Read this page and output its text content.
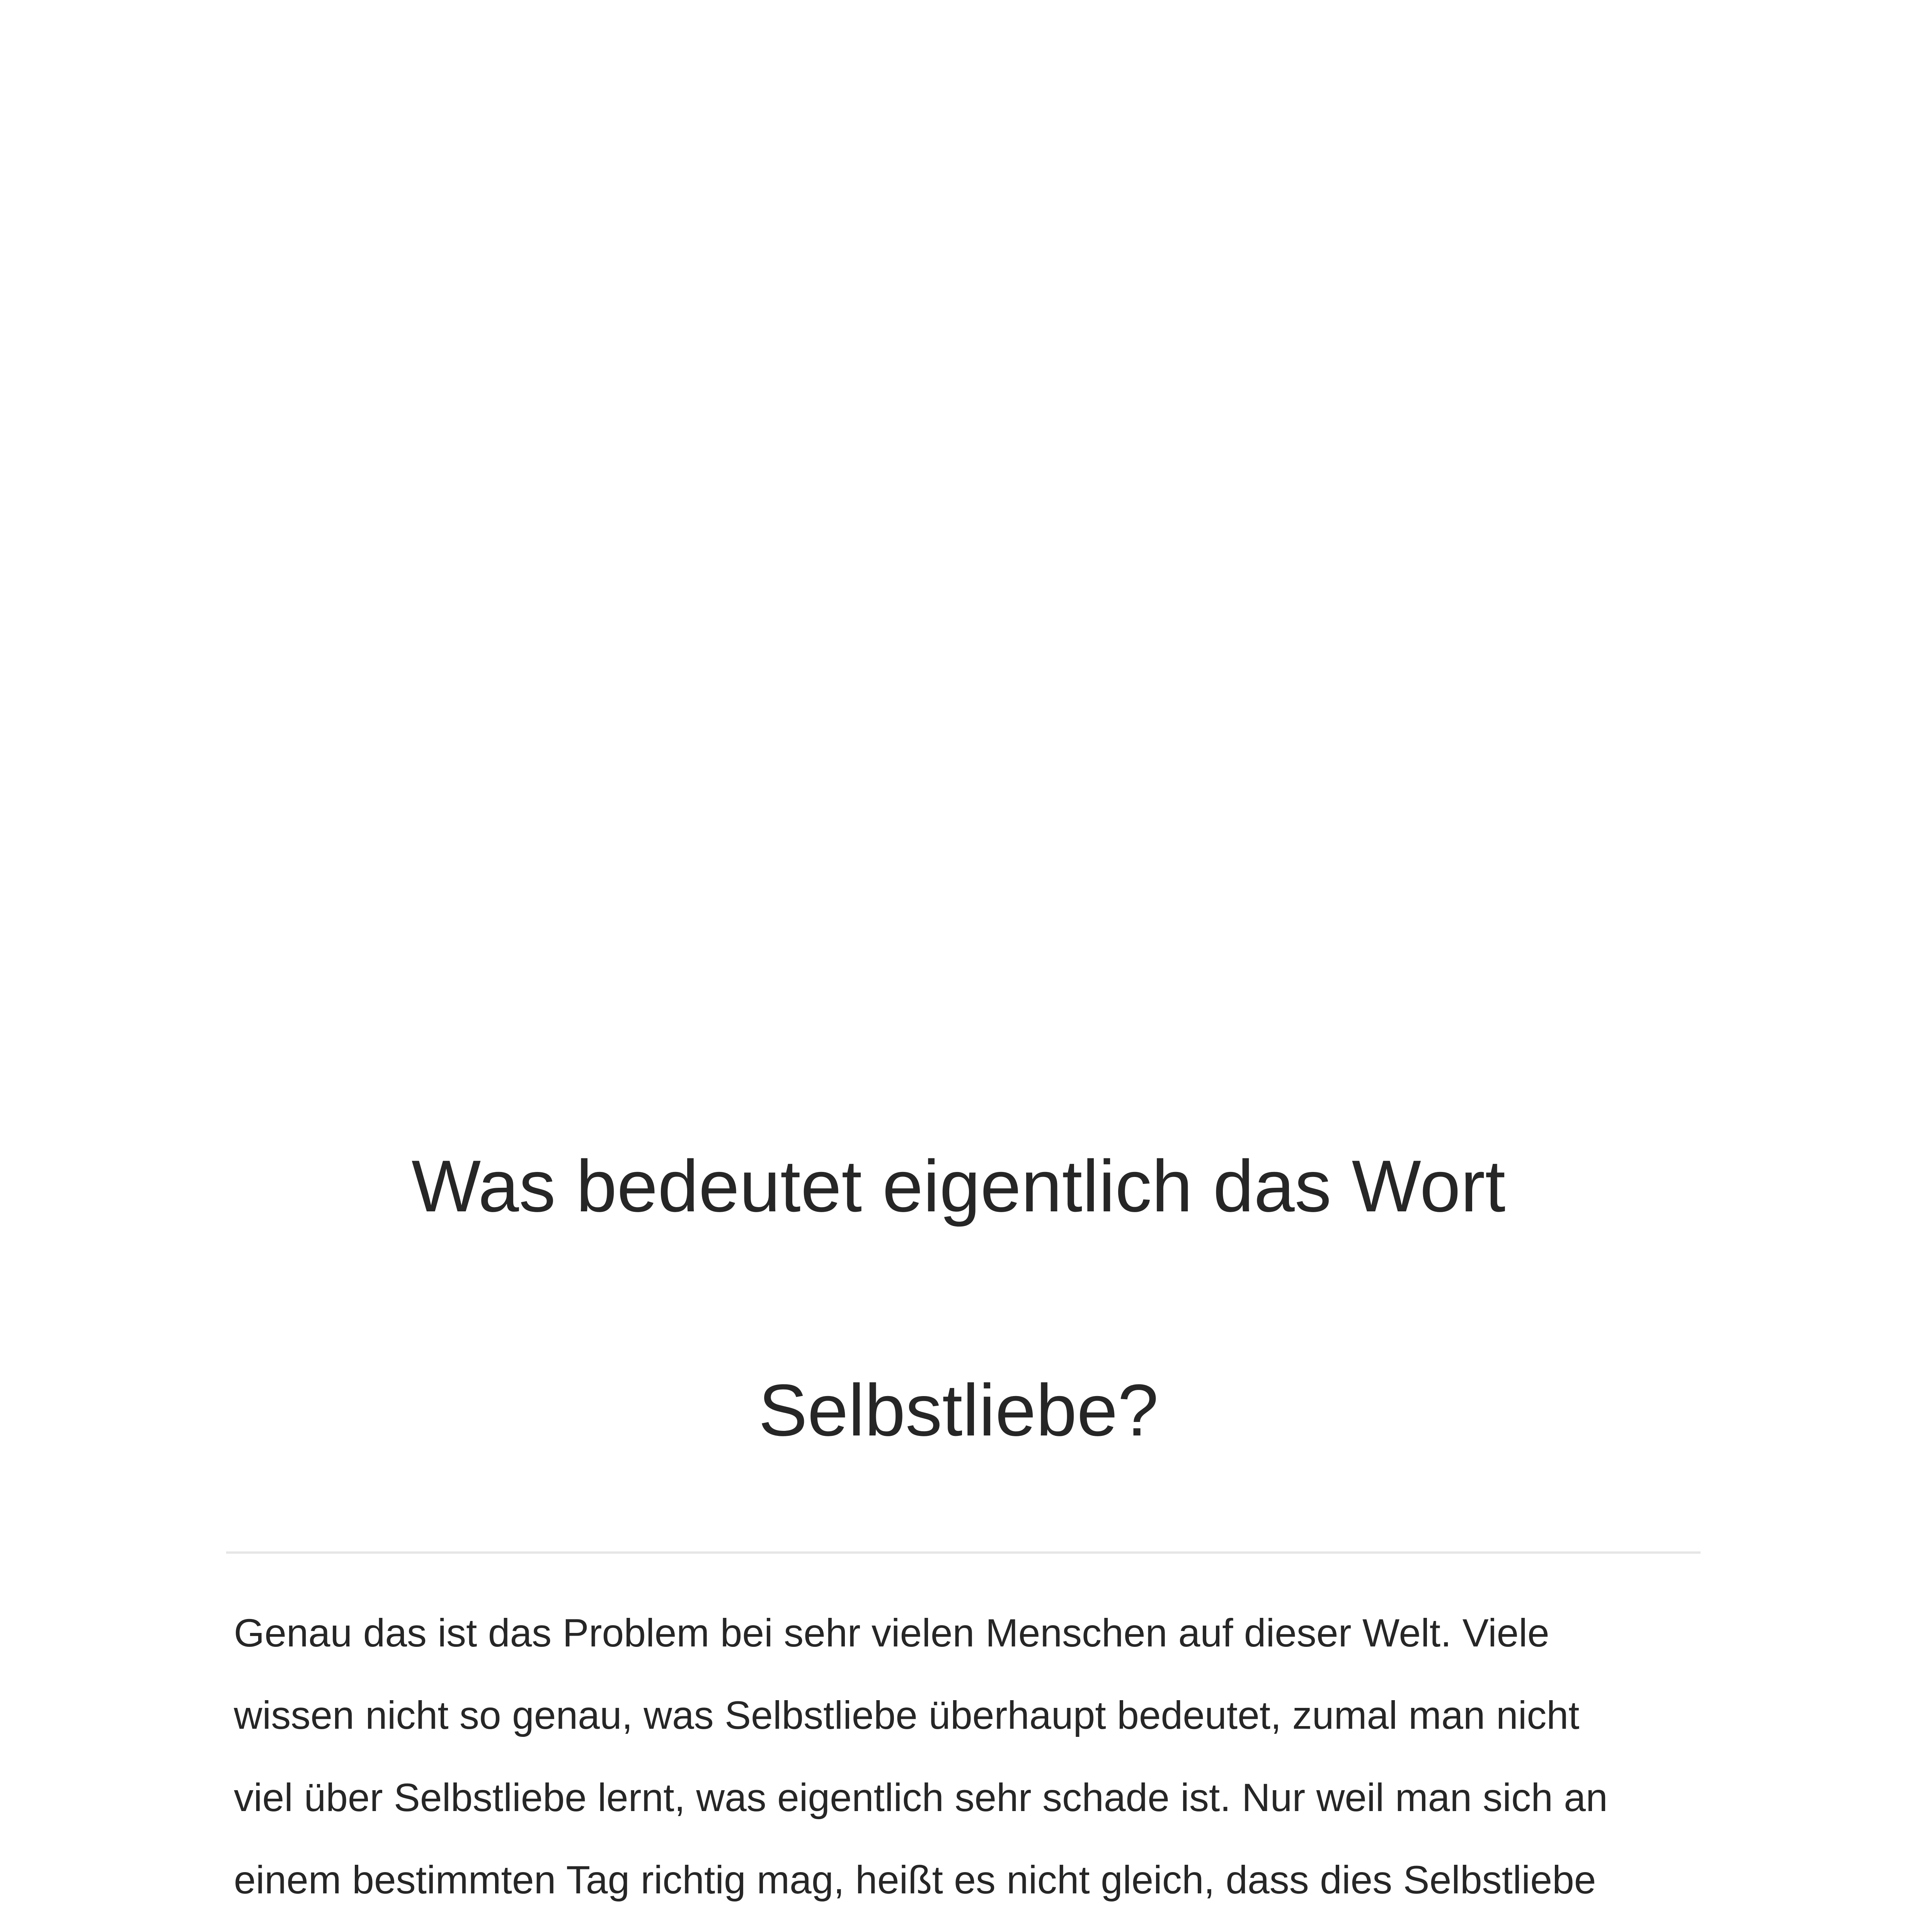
Was bedeutet eigentlich das Wort
Selbstliebe?

Genau das ist das Problem bei sehr vielen Menschen auf dieser Welt. Viele
wissen nicht so genau, was Selbstliebe überhaupt bedeutet, zumal man nicht
viel über Selbstliebe lernt, was eigentlich sehr schade ist. Nur weil man sich an
einem bestimmten Tag richtig mag, heißt es nicht gleich, dass dies Selbstliebe
